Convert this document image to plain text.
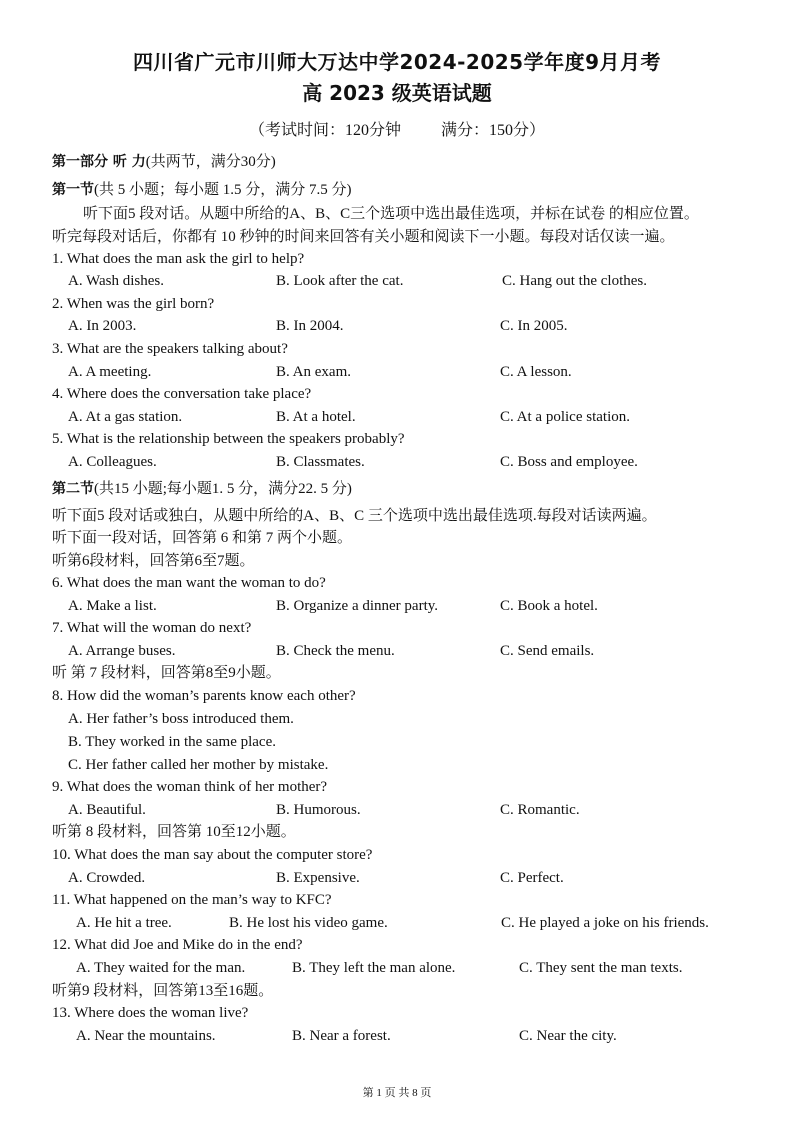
四川省广元市川师大万达中学2024-2025学年度9月月考
高 2023 级英语试题
（考试时间：120分钟	满分：150分）
第一部分 听 力(共两节，满分30分)
第一节(共 5 小题；每小题 1.5 分，满分 7.5 分)
听下面5 段对话。从题中所给的A、B、C三个选项中选出最佳选项，并标在试卷 的相应位置。
听完每段对话后，你都有 10 秒钟的时间来回答有关小题和阅读下一小题。每段对话仅读一遍。
1. What does the man ask the girl to help?
A. Wash dishes.	B. Look after the cat.	C. Hang out the clothes.
2. When was the girl born?
A. In 2003.	B. In 2004.	C. In 2005.
3. What are the speakers talking about?
A. A meeting.	B. An exam.	C. A lesson.
4. Where does the conversation take place?
A. At a gas station.	B. At a hotel.	C. At a police station.
5. What is the relationship between the speakers probably?
A. Colleagues.	B. Classmates.	C. Boss and employee.
第二节(共15 小题;每小题1. 5 分，满分22. 5 分)
听下面5 段对话或独白，从题中所给的A、B、C 三个选项中选出最佳选项.每段对话读两遍。
听下面一段对话，回答第 6 和第 7 两个小题。
听第6段材料，回答第6至7题。
6. What does the man want the woman to do?
A. Make a list.	B. Organize a dinner party.	C. Book a hotel.
7. What will the woman do next?
A. Arrange buses.	B. Check the menu.	C. Send emails.
听 第 7 段材料，回答第8至9小题。
8. How did the woman’s parents know each other?
A. Her father’s boss introduced them.
B. They worked in the same place.
C. Her father called her mother by mistake.
9. What does the woman think of her mother?
A. Beautiful.	B. Humorous.	C. Romantic.
听第 8 段材料，回答第 10至12小题。
10. What does the man say about the computer store?
A. Crowded.	B. Expensive.	C. Perfect.
11. What happened on the man’s way to KFC?
A. He hit a tree.	B. He lost his video game.	C. He played a joke on his friends.
12. What did Joe and Mike do in the end?
A. They waited for the man.	B. They left the man alone.	C. They sent the man texts.
听第9 段材料，回答第13至16题。
13. Where does the woman live?
A. Near the mountains.	B. Near a forest.	C. Near the city.
第 1 页 共 8 页
